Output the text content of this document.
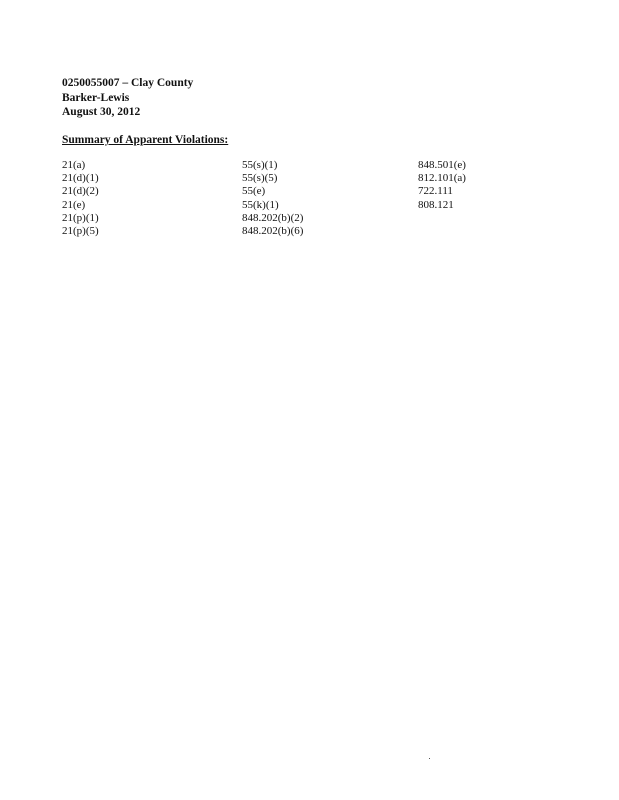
0250055007 – Clay County
Barker-Lewis
August 30, 2012
Summary of Apparent Violations:
21(a)
21(d)(1)
21(d)(2)
21(e)
21(p)(1)
21(p)(5)
55(s)(1)
55(s)(5)
55(e)
55(k)(1)
848.202(b)(2)
848.202(b)(6)
848.501(e)
812.101(a)
722.111
808.121
